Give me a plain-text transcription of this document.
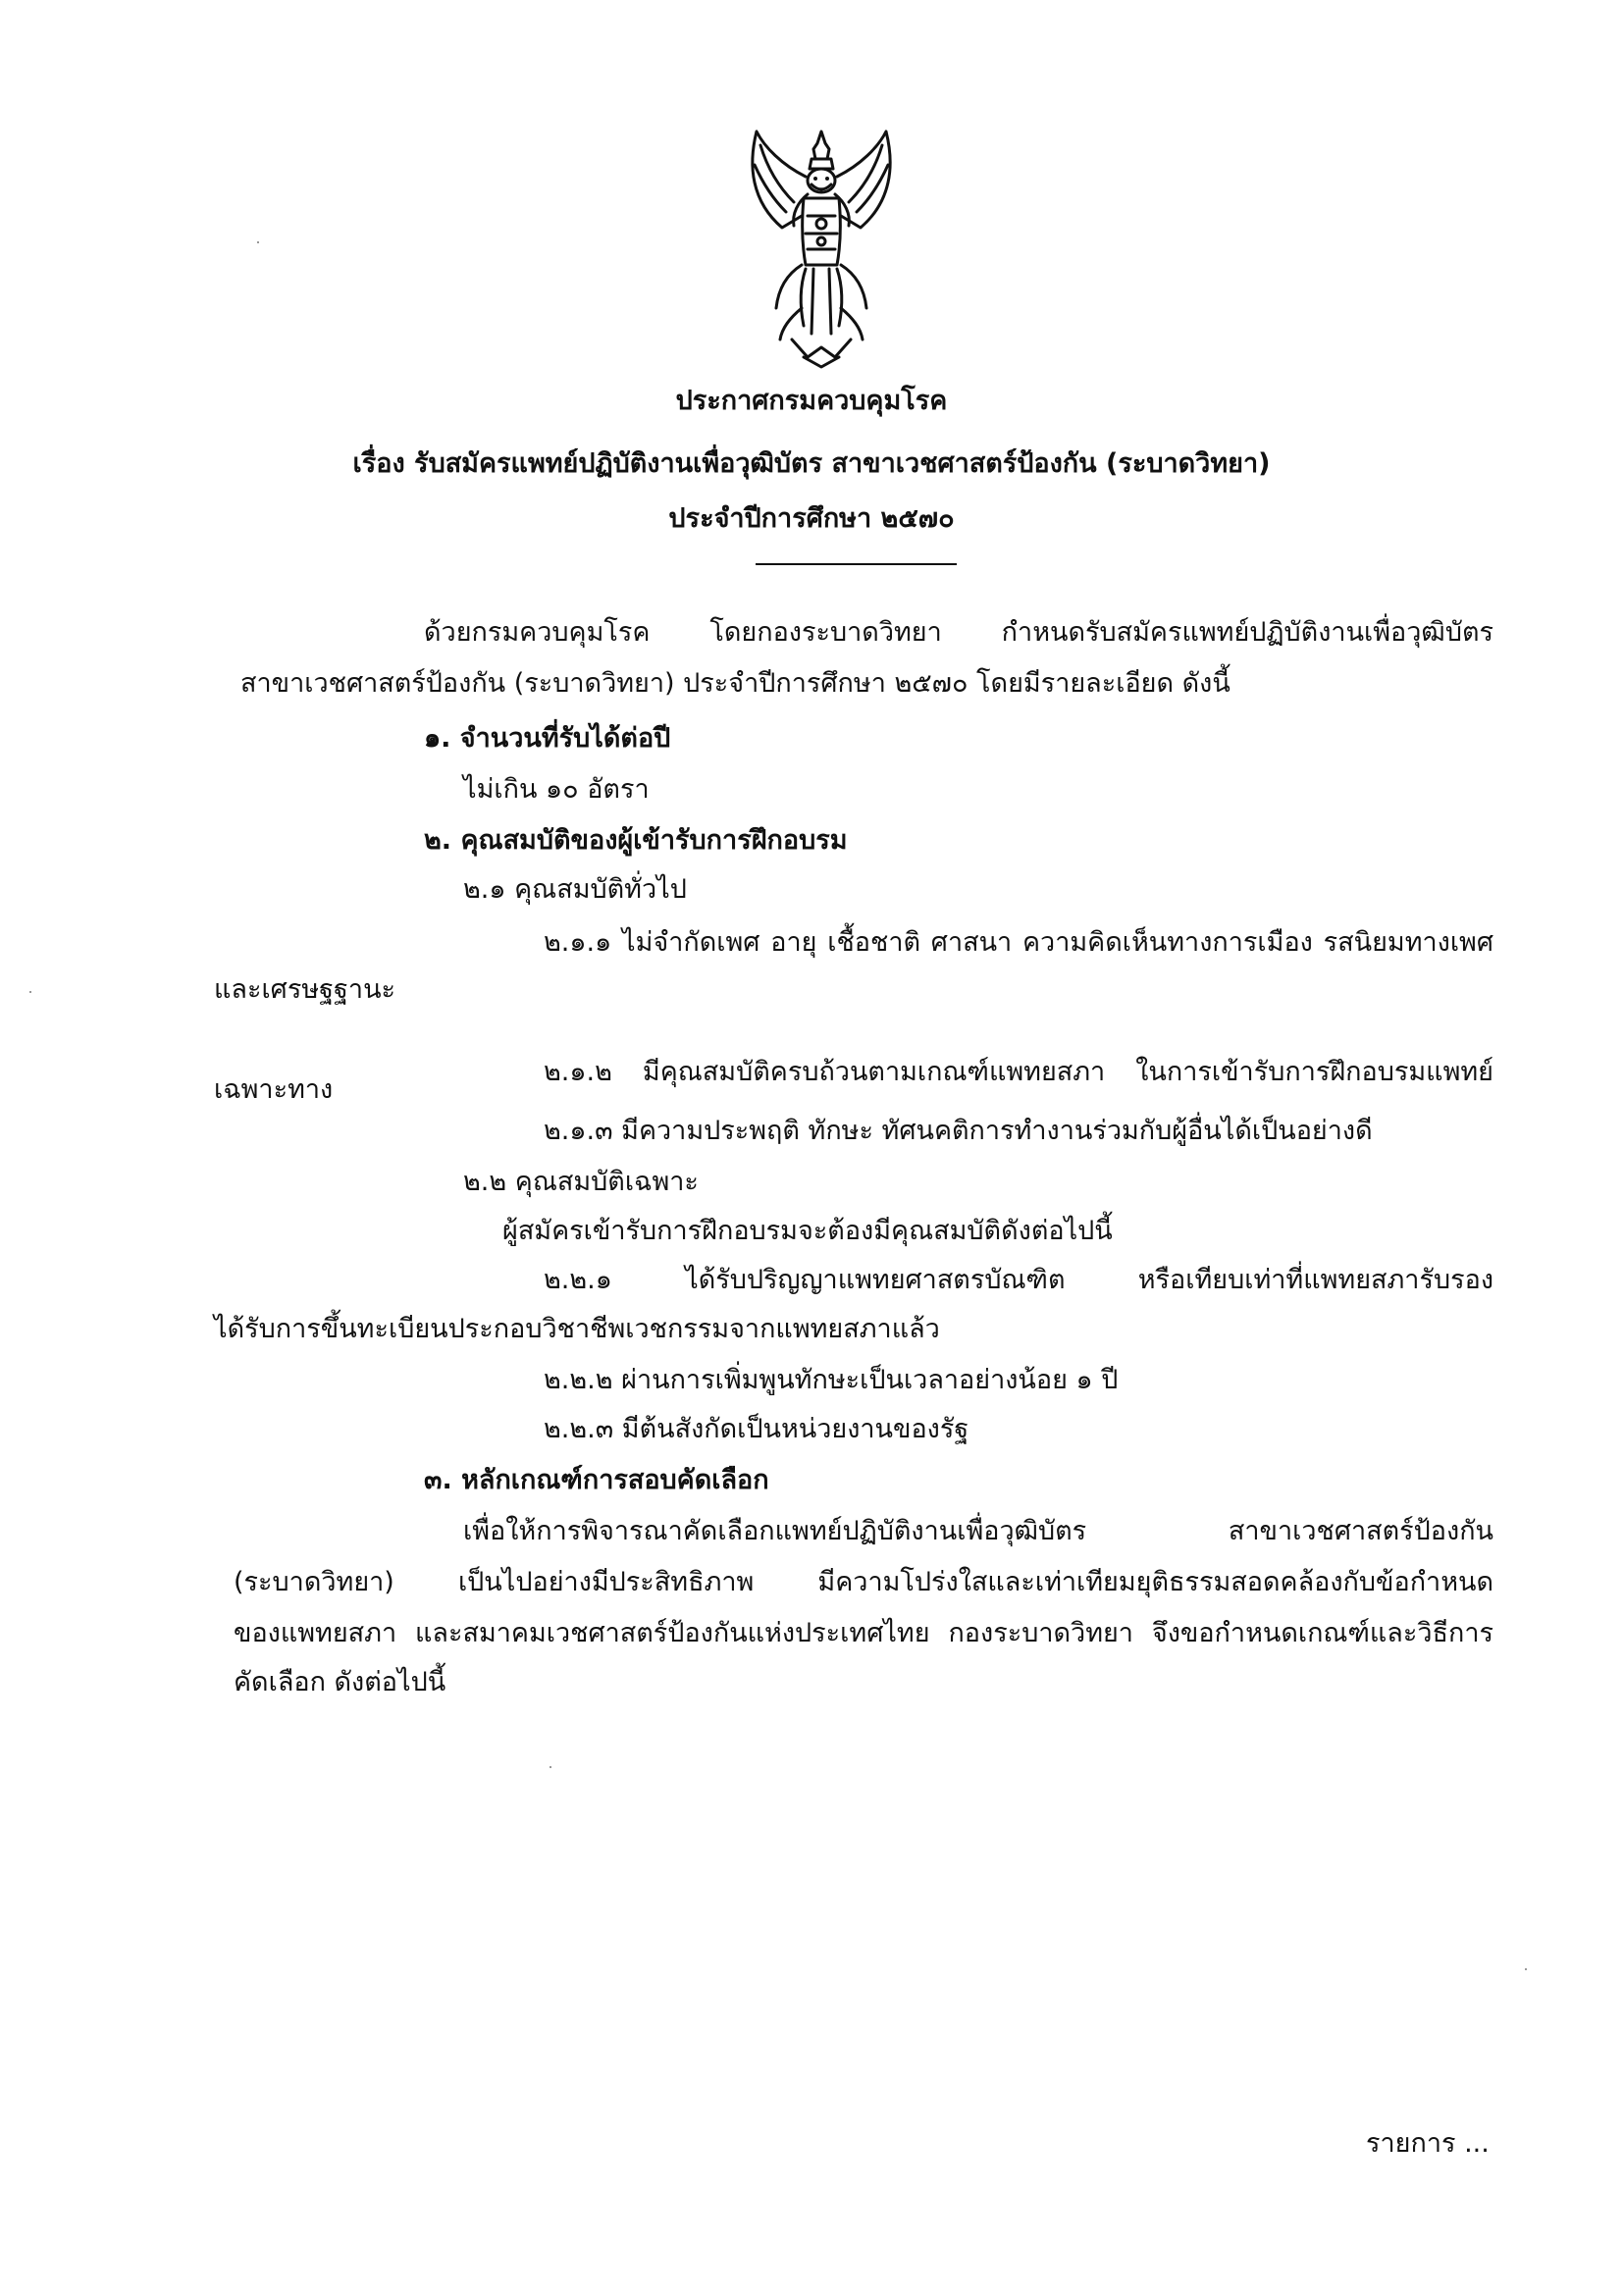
ประกาศกรมควบคุมโรค
เรื่อง รับสมัครแพทย์ปฏิบัติงานเพื่อวุฒิบัตร สาขาเวชศาสตร์ป้องกัน (ระบาดวิทยา)
ประจำปีการศึกษา ๒๕๗๐
ด้วยกรมควบคุมโรค โดยกองระบาดวิทยา กำหนดรับสมัครแพทย์ปฏิบัติงานเพื่อวุฒิบัตร
สาขาเวชศาสตร์ป้องกัน (ระบาดวิทยา) ประจำปีการศึกษา ๒๕๗๐ โดยมีรายละเอียด ดังนี้
๑. จำนวนที่รับได้ต่อปี
ไม่เกิน ๑๐ อัตรา
๒. คุณสมบัติของผู้เข้ารับการฝึกอบรม
๒.๑ คุณสมบัติทั่วไป
๒.๑.๑ ไม่จำกัดเพศ อายุ เชื้อชาติ ศาสนา ความคิดเห็นทางการเมือง รสนิยมทางเพศ
และเศรษฐฐานะ
๒.๑.๒ มีคุณสมบัติครบถ้วนตามเกณฑ์แพทยสภา ในการเข้ารับการฝึกอบรมแพทย์
เฉพาะทาง
๒.๑.๓ มีความประพฤติ ทักษะ ทัศนคติการทำงานร่วมกับผู้อื่นได้เป็นอย่างดี
๒.๒ คุณสมบัติเฉพาะ
ผู้สมัครเข้ารับการฝึกอบรมจะต้องมีคุณสมบัติดังต่อไปนี้
๒.๒.๑ ได้รับปริญญาแพทยศาสตรบัณฑิต หรือเทียบเท่าที่แพทยสภารับรอง
ได้รับการขึ้นทะเบียนประกอบวิชาชีพเวชกรรมจากแพทยสภาแล้ว
๒.๒.๒ ผ่านการเพิ่มพูนทักษะเป็นเวลาอย่างน้อย ๑ ปี
๒.๒.๓ มีต้นสังกัดเป็นหน่วยงานของรัฐ
๓. หลักเกณฑ์การสอบคัดเลือก
เพื่อให้การพิจารณาคัดเลือกแพทย์ปฏิบัติงานเพื่อวุฒิบัตร สาขาเวชศาสตร์ป้องกัน
(ระบาดวิทยา) เป็นไปอย่างมีประสิทธิภาพ มีความโปร่งใสและเท่าเทียมยุติธรรมสอดคล้องกับข้อกำหนด
ของแพทยสภา และสมาคมเวชศาสตร์ป้องกันแห่งประเทศไทย กองระบาดวิทยา จึงขอกำหนดเกณฑ์และวิธีการ
คัดเลือก ดังต่อไปนี้
รายการ ...
